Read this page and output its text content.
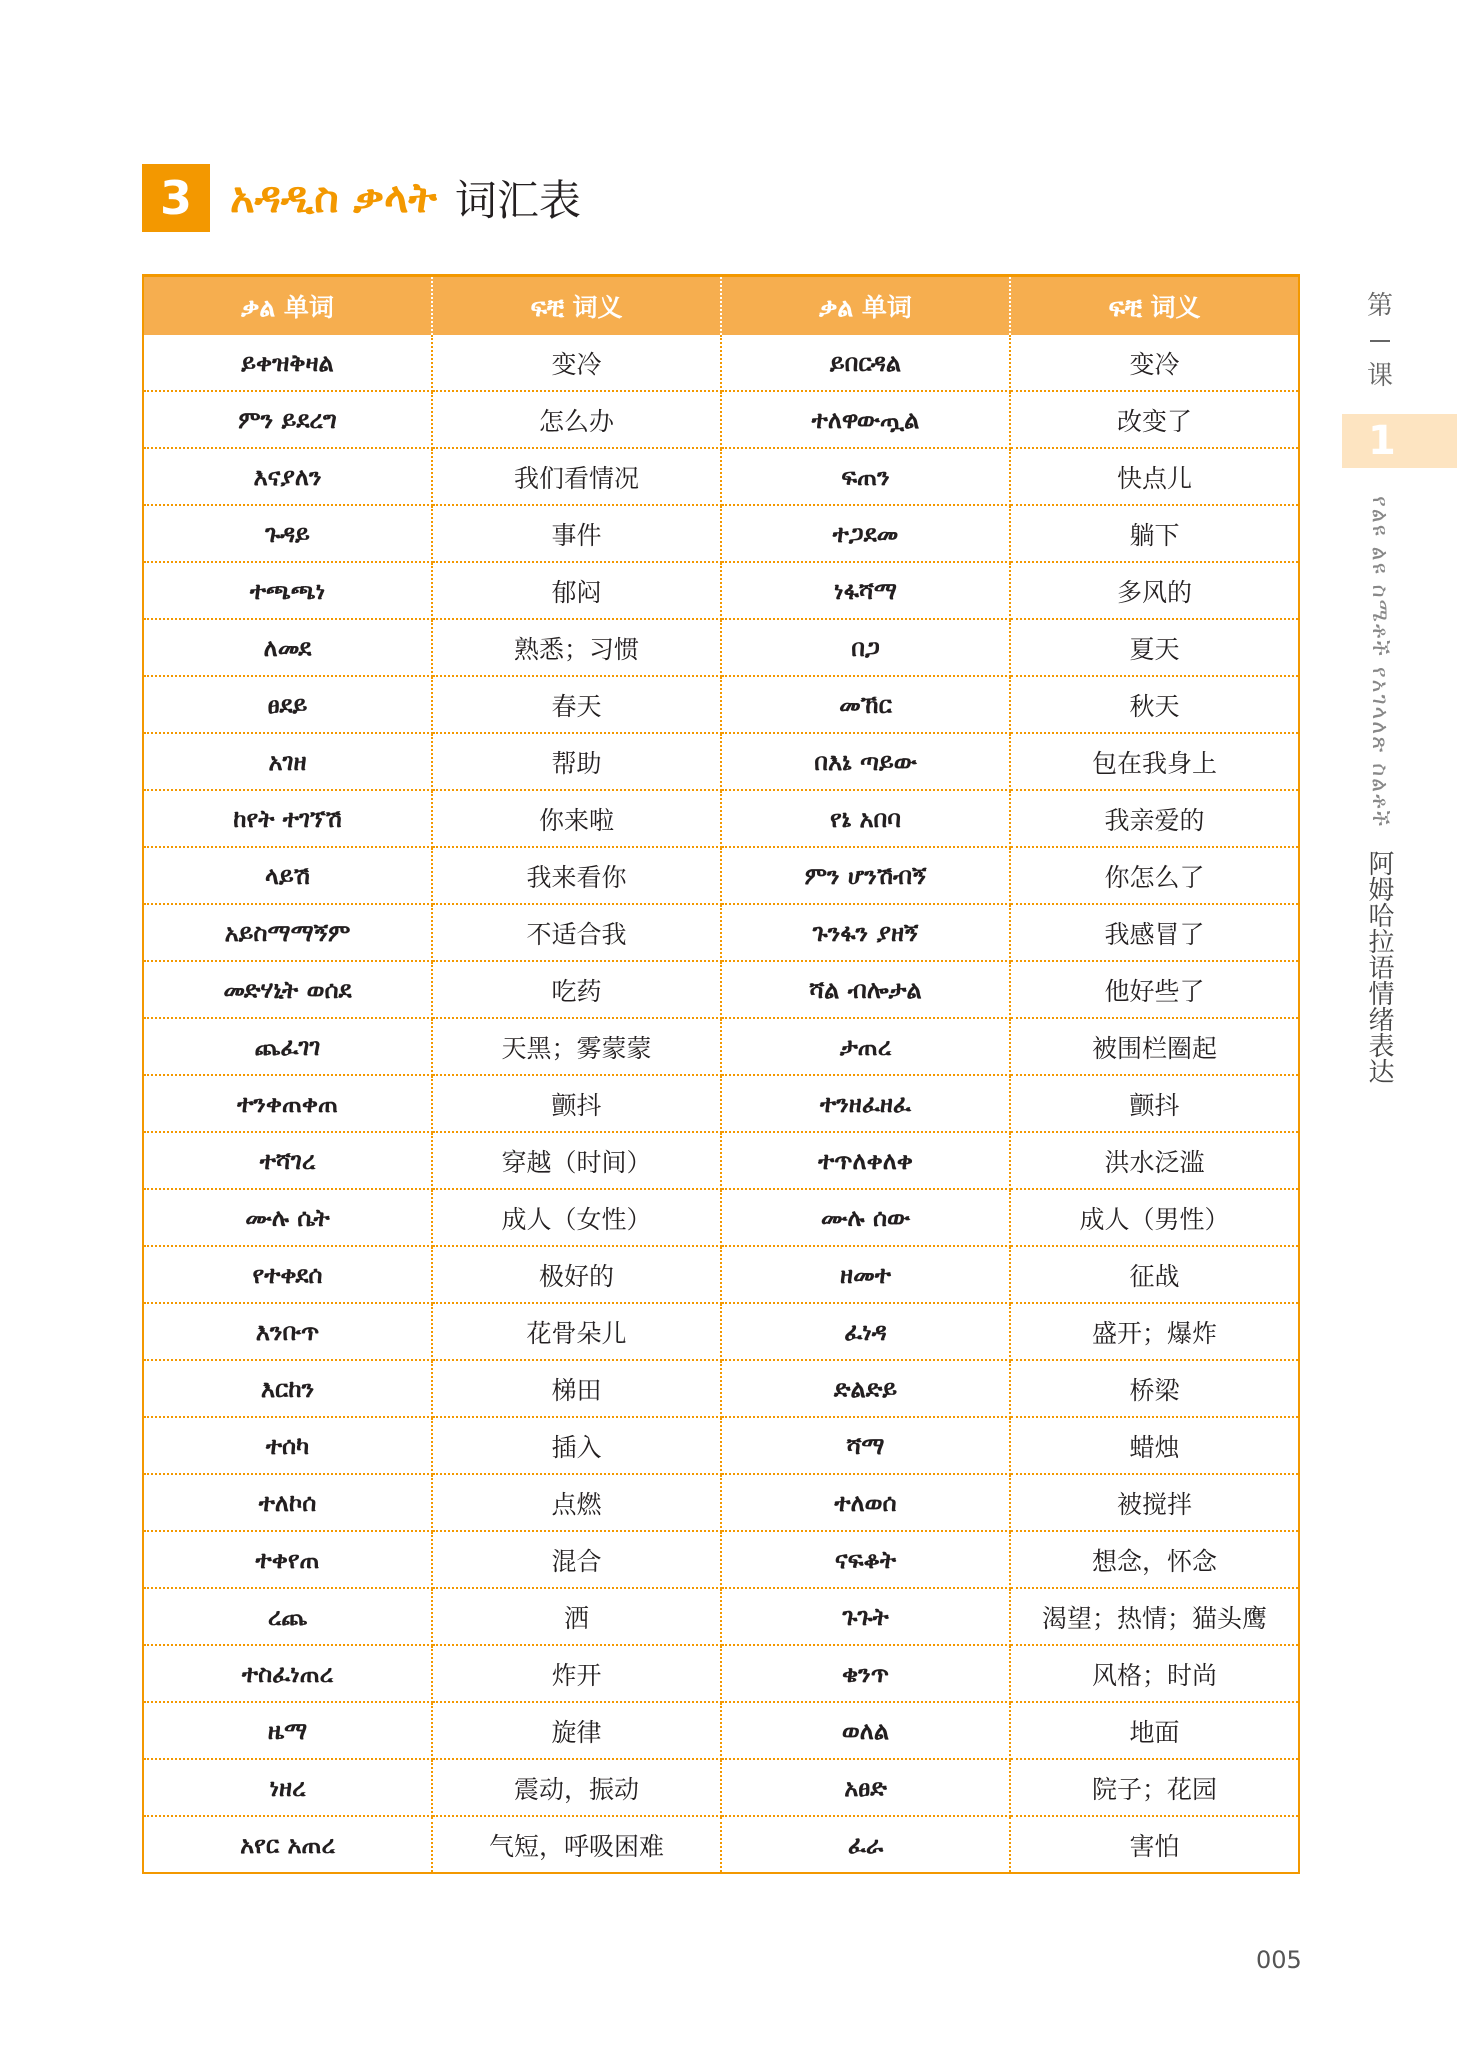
3 አዳዲስ ቃላት 词汇表
ቃል 单词	ፍቺ 词义	ቃል 单词	ፍቺ 词义
ይቀዝቅዛል	变冷	ይበርዳል	变冷
ምን ይደረግ	怎么办	ተለዋውጧል	改变了
እናያለን	我们看情况	ፍጠን	快点儿
ጉዳይ	事件	ተጋደመ	躺下
ተጫጫነ	郁闷	ነፋሻማ	多风的
ለመደ	熟悉；习惯	በጋ	夏天
ፀደይ	春天	መኸር	秋天
አገዘ	帮助	በእኔ ጣይው	包在我身上
ከየት ተገኘሽ	你来啦	የኔ አበባ	我亲爱的
ላይሽ	我来看你	ምን ሆንሽብኝ	你怎么了
አይስማማኝም	不适合我	ጉንፋን ያዘኝ	我感冒了
መድሃኒት ወሰደ	吃药	ሻል ብሎታል	他好些了
ጨፈገገ	天黑；雾蒙蒙	ታጠረ	被围栏圈起
ተንቀጠቀጠ	颤抖	ተንዘፈዘፈ	颤抖
ተሻገረ	穿越（时间）	ተጥለቀለቀ	洪水泛滥
ሙሉ ሴት	成人（女性）	ሙሉ ሰው	成人（男性）
የተቀደሰ	极好的	ዘመተ	征战
እንቡጥ	花骨朵儿	ፈነዳ	盛开；爆炸
እርከን	梯田	ድልድይ	桥梁
ተሰካ	插入	ሻማ	蜡烛
ተለኮሰ	点燃	ተለወሰ	被搅拌
ተቀየጠ	混合	ናፍቆት	想念，怀念
ረጨ	洒	ጉጉት	渴望；热情；猫头鹰
ተስፈነጠረ	炸开	ቄንጥ	风格；时尚
ዜማ	旋律	ወለል	地面
ነዘረ	震动，振动	አፀድ	院子；花园
አየር አጠረ	气短，呼吸困难	ፈራ	害怕
第
课
1
የልዩ ልዩ ስሜቶች የአገላለጽ ስልቶች 阿姆哈拉语情绪表达
005
